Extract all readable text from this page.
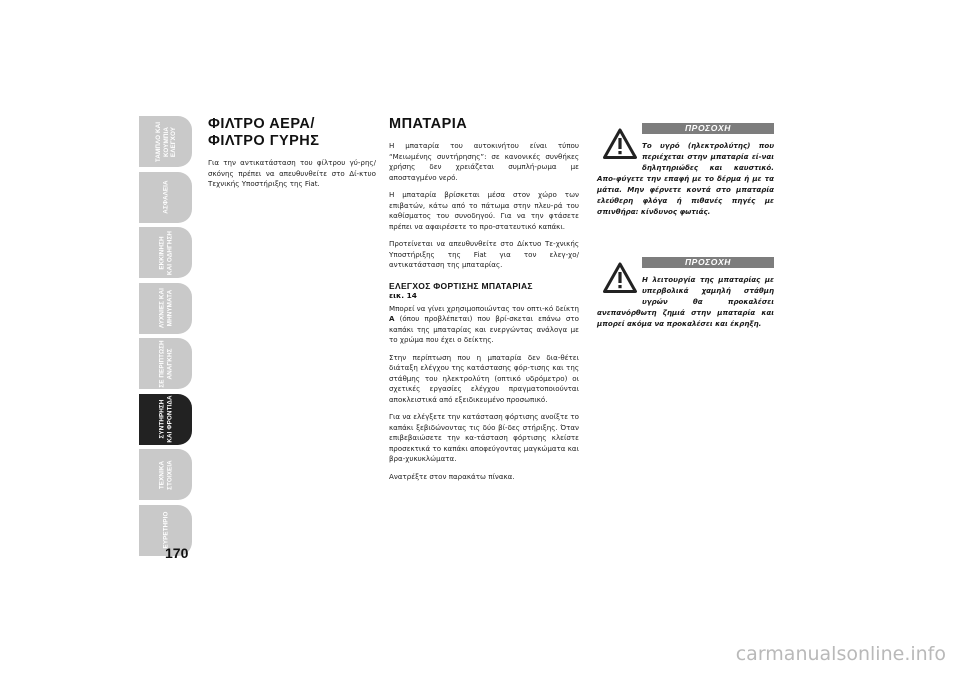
ΤΑΜΠΛΟ ΚΑΙ
ΚΟΥΜΠΙΑ
ΕΛΕΓΧΟΥ
ΑΣΦΑΛΕΙΑ
ΕΚΚΙΝΗΣΗ
ΚΑΙ ΟΔΗΓΗΣΗ
ΛΥΧΝΙΕΣ ΚΑΙ
ΜΗΝΥΜΑΤΑ
ΣΕ ΠΕΡΙΠΤΩΣΗ
ΑΝΑΓΚΗΣ
ΣΥΝΤΗΡΗΣΗ
ΚΑΙ ΦΡΟΝΤΙΔΑ
ΤΕΧΝΙΚΑ
ΣΤΟΙΧΕΙΑ
ΕΥΡΕΤΗΡΙΟ
170
ΦΙΛΤΡΟ ΑΕΡΑ/
ΦΙΛΤΡΟ ΓΥΡΗΣ

Για την αντικατάσταση του φίλτρου γύ-ρης/σκόνης πρέπει να απευθυνθείτε στο Δί-κτυο Τεχνικής Υποστήριξης της Fiat.

ΜΠΑΤΑΡΙΑ

Η μπαταρία του αυτοκινήτου είναι τύπου “Μειωμένης συντήρησης”: σε κανονικές συνθήκες χρήσης δεν χρειάζεται συμπλή-ρωμα με αποσταγμένο νερό.

Η μπαταρία βρίσκεται μέσα στον χώρο των επιβατών, κάτω από το πάτωμα στην πλευ-ρά του καθίσματος του συνοδηγού. Για να την φτάσετε πρέπει να αφαιρέσετε το προ-στατευτικό καπάκι.

Προτείνεται να απευθυνθείτε στο Δίκτυο Τε-χνικής Υποστήριξης της Fiat για τον ελεγ-χο/αντικατάσταση της μπαταρίας.

ΕΛΕΓΧΟΣ ΦΟΡΤΙΣΗΣ ΜΠΑΤΑΡΙΑΣ
εικ. 14

Μπορεί να γίνει χρησιμοποιώντας τον οπτι-κό δείκτη A (όπου προβλέπεται) που βρί-σκεται επάνω στο καπάκι της μπαταρίας και ενεργώντας ανάλογα με το χρώμα που έχει ο δείκτης.

Στην περίπτωση που η μπαταρία δεν δια-θέτει διάταξη ελέγχου της κατάστασης φόρ-τισης και της στάθμης του ηλεκτρολύτη (οπτικό υδρόμετρο) οι σχετικές εργασίες ελέγχου πραγματοποιούνται αποκλειστικά από εξειδικευμένο προσωπικό.

Για να ελέγξετε την κατάσταση φόρτισης ανοίξτε το καπάκι ξεβιδώνοντας τις δύο βί-δες στήριξης. Όταν επιβεβαιώσετε την κα-τάσταση φόρτισης κλείστε προσεκτικά το καπάκι αποφεύγοντας μαγκώματα και βρα-χυκυκλώματα.

Ανατρέξτε στον παρακάτω πίνακα.

ΠΡΟΣΟΧΗ
Το υγρό (ηλεκτρολύτης) που περιέχεται στην μπαταρία εί-ναι δηλητηριώδες και καυστικό. Απο-φύγετε την επαφή με το δέρμα ή με τα μάτια. Μην φέρνετε κοντά στο μπαταρία ελεύθερη φλόγα ή πιθανές πηγές με σπινθήρα: κίνδυνος φωτιάς.
ΠΡΟΣΟΧΗ
Η λειτουργία της μπαταρίας με υπερβολικά χαμηλή στάθμη υγρών θα προκαλέσει ανεπανόρθωτη ζημιά στην μπαταρία και μπορεί ακόμα να προκαλέσει και έκρηξη.
carmanualsonline.info
